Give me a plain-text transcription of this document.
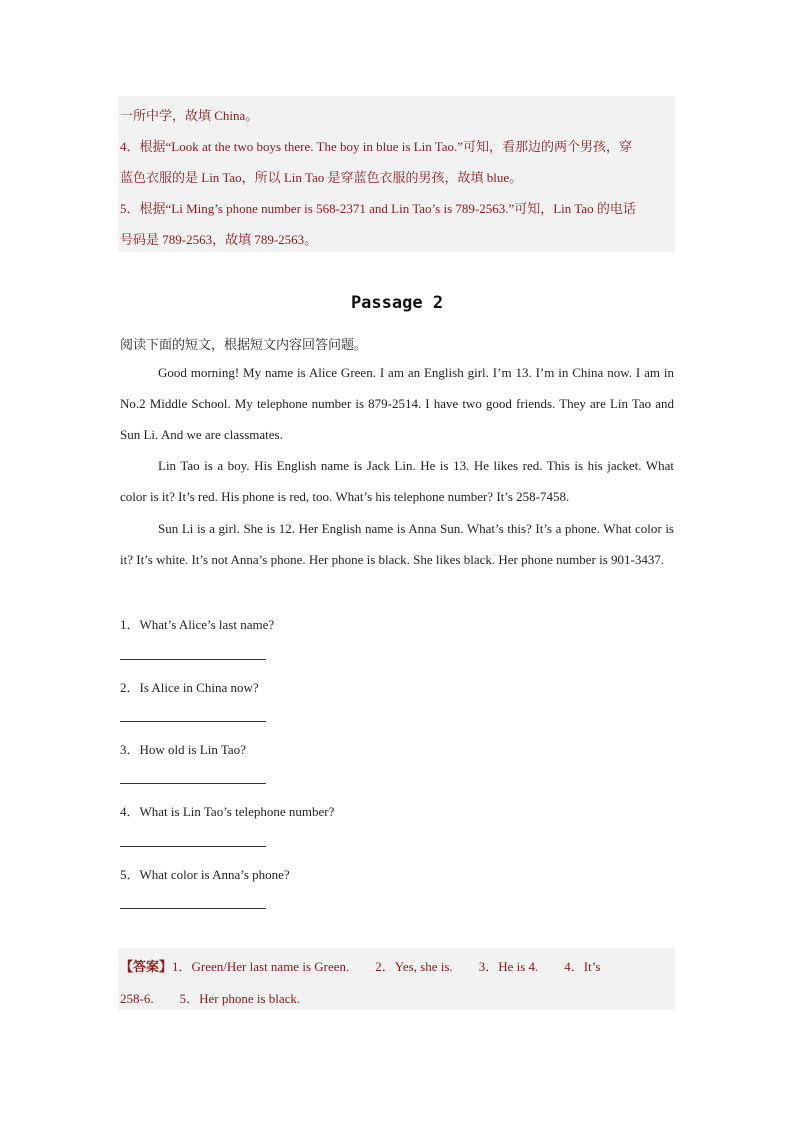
一所中学，故填 China。
4．根据“Look at the two boys there. The boy in blue is Lin Tao.”可知，看那边的两个男孩，穿
蓝色衣服的是 Lin Tao，所以 Lin Tao 是穿蓝色衣服的男孩，故填 blue。
5．根据“Li Ming’s phone number is 568-2371 and Lin Tao’s is 789-2563.”可知，Lin Tao 的电话
号码是 789-2563，故填 789-2563。
Passage 2
阅读下面的短文，根据短文内容回答问题。
Good morning! My name is Alice Green. I am an English girl. I’m 13. I’m in China now. I am in No.2 Middle School. My telephone number is 879-2514. I have two good friends. They are Lin Tao and Sun Li. And we are classmates.
Lin Tao is a boy. His English name is Jack Lin. He is 13. He likes red. This is his jacket. What color is it? It’s red. His phone is red, too. What’s his telephone number? It’s 258-7458.
Sun Li is a girl. She is 12. Her English name is Anna Sun. What’s this? It’s a phone. What color is it? It’s white. It’s not Anna’s phone. Her phone is black. She likes black. Her phone number is 901-3437.
1．What’s Alice’s last name?
2．Is Alice in China now?
3．How old is Lin Tao?
4．What is Lin Tao’s telephone number?
5．What color is Anna’s phone?
【答案】1．Green/Her last name is Green. 2．Yes, she is. 3．He is 4. 4．It’s
258-6. 5．Her phone is black.
